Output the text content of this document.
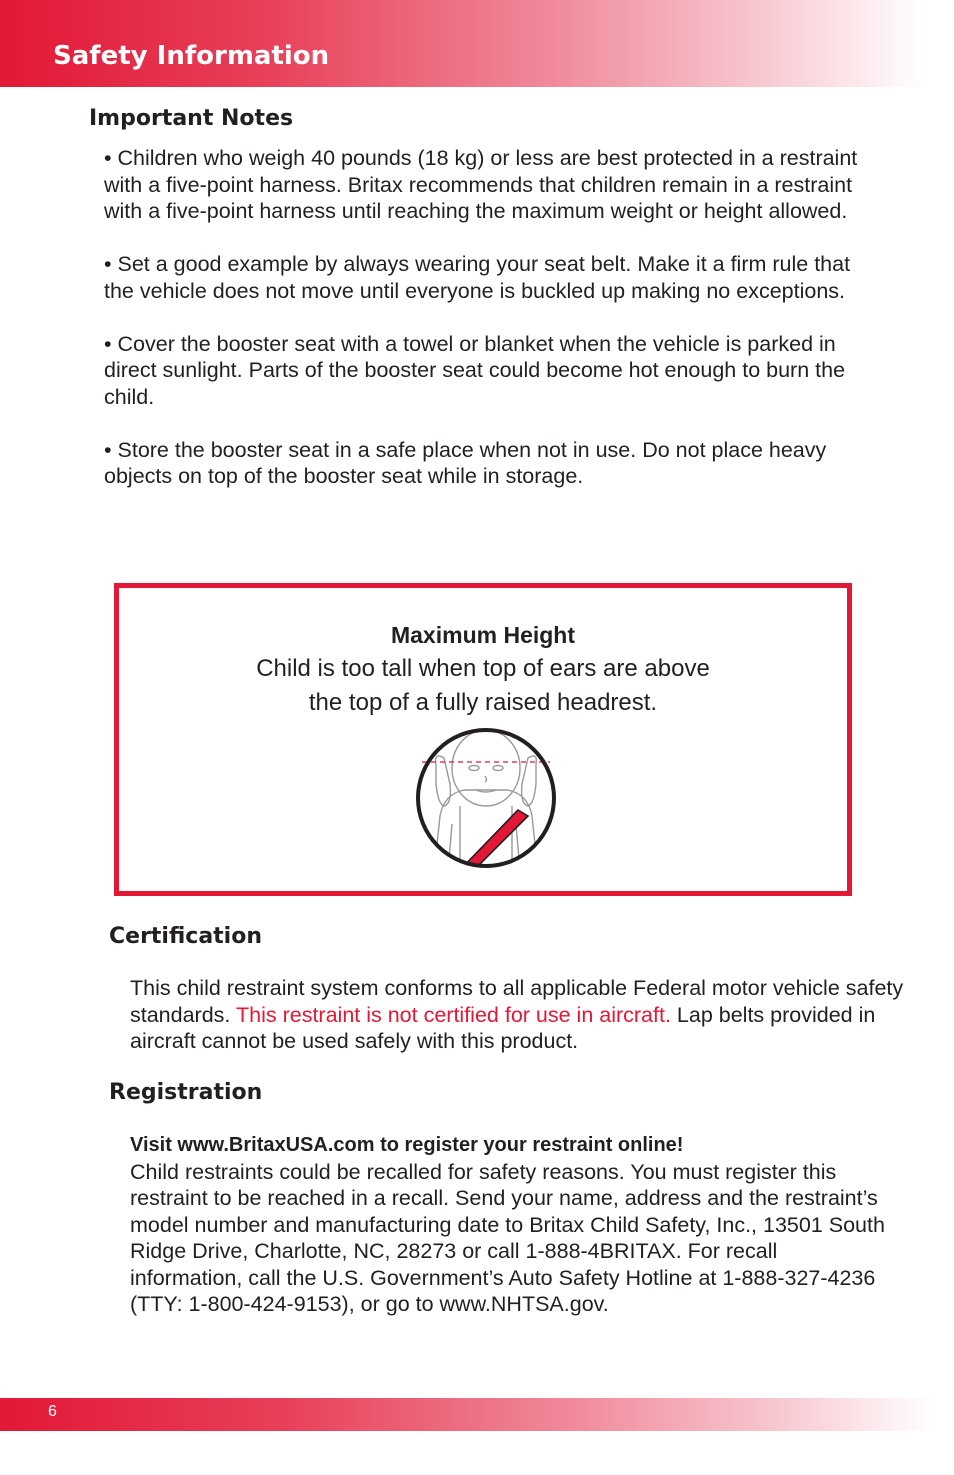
Safety Information
Important Notes

• Children who weigh 40 pounds (18 kg) or less are best protected in a restraint with a five-point harness. Britax recommends that children remain in a restraint with a five-point harness until reaching the maximum weight or height allowed.

• Set a good example by always wearing your seat belt. Make it a firm rule that the vehicle does not move until everyone is buckled up making no exceptions.

• Cover the booster seat with a towel or blanket when the vehicle is parked in direct sunlight. Parts of the booster seat could become hot enough to burn the child.

• Store the booster seat in a safe place when not in use. Do not place heavy objects on top of the booster seat while in storage.

Maximum Height
Child is too tall when top of ears are above
the top of a fully raised headrest.
Certification

This child restraint system conforms to all applicable Federal motor vehicle safety standards. This restraint is not certified for use in aircraft. Lap belts provided in aircraft cannot be used safely with this product.

Registration
Visit www.BritaxUSA.com to register your restraint online!
Child restraints could be recalled for safety reasons. You must register this restraint to be reached in a recall. Send your name, address and the restraint’s model number and manufacturing date to Britax Child Safety, Inc., 13501 South Ridge Drive, Charlotte, NC, 28273 or call 1-888-4BRITAX. For recall information, call the U.S. Government’s Auto Safety Hotline at 1-888-327-4236 (TTY: 1-800-424-9153), or go to www.NHTSA.gov.
6
